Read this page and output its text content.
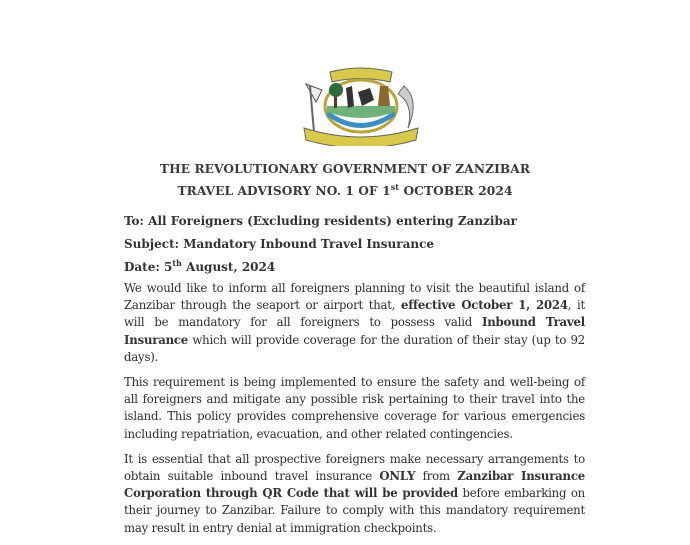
THE REVOLUTIONARY GOVERNMENT OF ZANZIBAR
TRAVEL ADVISORY NO. 1 OF 1st OCTOBER 2024
To: All Foreigners (Excluding residents) entering Zanzibar
Subject: Mandatory Inbound Travel Insurance
Date: 5th August, 2024
We would like to inform all foreigners planning to visit the beautiful island of Zanzibar through the seaport or airport that, effective October 1, 2024, it will be mandatory for all foreigners to possess valid Inbound Travel Insurance which will provide coverage for the duration of their stay (up to 92 days).
This requirement is being implemented to ensure the safety and well-being of all foreigners and mitigate any possible risk pertaining to their travel into the island. This policy provides comprehensive coverage for various emergencies including repatriation, evacuation, and other related contingencies.
It is essential that all prospective foreigners make necessary arrangements to obtain suitable inbound travel insurance ONLY from Zanzibar Insurance Corporation through QR Code that will be provided before embarking on their journey to Zanzibar. Failure to comply with this mandatory requirement may result in entry denial at immigration checkpoints.
